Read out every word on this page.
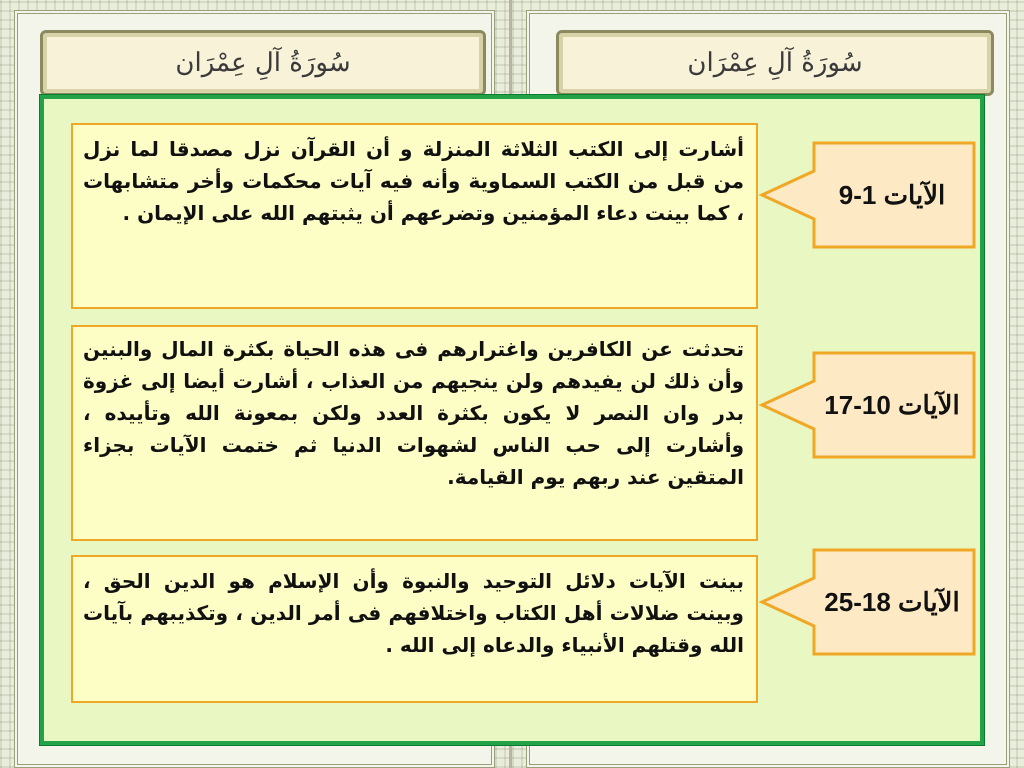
سُورَةُ آلِ عِمْرَان	سُورَةُ آلِ عِمْرَان
أشارت إلى الكتب الثلاثة المنزلة و أن القرآن نزل مصدقا لما نزل من قبل من الكتب السماوية وأنه فيه آيات محكمات وأخر متشابهات ، كما بينت دعاء المؤمنين وتضرعهم أن يثبتهم الله على الإيمان .
الآيات 1-9
تحدثت عن الكافرين واغترارهم فى هذه الحياة بكثرة المال والبنين وأن ذلك لن يفيدهم ولن ينجيهم من العذاب ، أشارت أيضا إلى غزوة بدر وان النصر لا يكون بكثرة العدد ولكن بمعونة الله وتأييده ، وأشارت إلى حب الناس لشهوات الدنيا ثم ختمت الآيات بجزاء المتقين عند ربهم يوم القيامة.
الآيات 10-17
بينت الآيات دلائل التوحيد والنبوة وأن الإسلام هو الدين الحق ، وبينت ضلالات أهل الكتاب واختلافهم فى أمر الدين ، وتكذيبهم بآيات الله وقتلهم الأنبياء والدعاه إلى الله .
الآيات 18-25
